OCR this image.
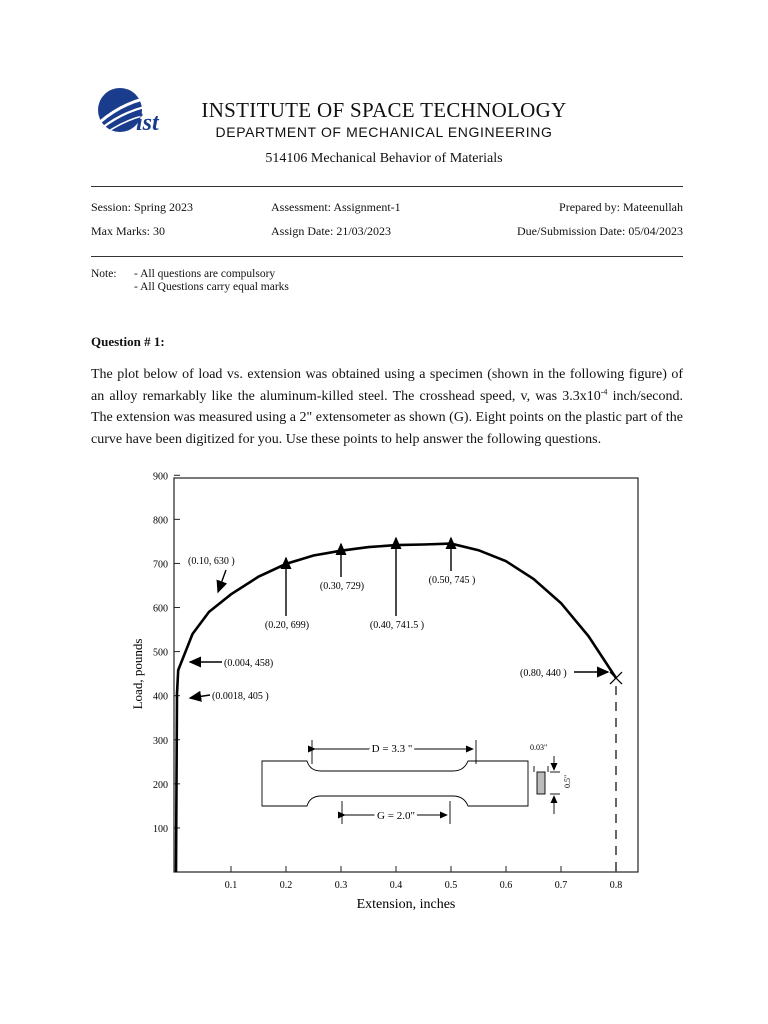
ist	INSTITUTE OF SPACE TECHNOLOGY
DEPARTMENT OF MECHANICAL ENGINEERING
514106 Mechanical Behavior of Materials
Session: Spring 2023	Assessment: Assignment-1	Prepared by: Mateenullah
Max Marks: 30	Assign Date: 21/03/2023	Due/Submission Date: 05/04/2023
Note: - All questions are compulsory
- All Questions carry equal marks
Question # 1:
The plot below of load vs. extension was obtained using a specimen (shown in the following figure) of an alloy remarkably like the aluminum-killed steel. The crosshead speed, v, was $3.3x10^{-4}$ inch/second. The extension was measured using a 2" extensometer as shown (G). Eight points on the plastic part of the curve have been digitized for you. Use these points to help answer the following questions.
100
200
300
400
500
600
700
800
900
0.1	0.2	0.3	0.4	0.5	0.6	0.7	0.8
(0.0018, 405 )
(0.004, 458)
(0.10, 630 )
(0.20, 699)
(0.30, 729)
(0.40, 741.5 )
(0.50, 745 )
(0.80, 440 )
Load, pounds
Extension, inches
D = 3.3 "
G = 2.0"
0.03"
0.5"
